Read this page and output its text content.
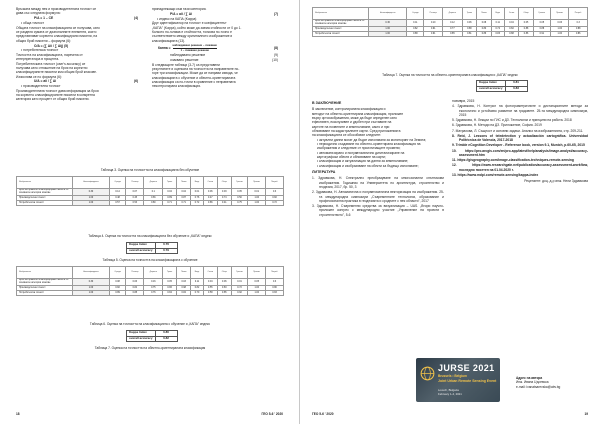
Връзката между нея и производителната точност се
дава със следната формула:
P/A = 1 – CE	(4)
• обща точност
Общата точност на класификацията се получава, като
се разделя сумата от диагоналните елементи, които
представляват коректно класифицирани пиксели, на
общия брой пиксели – формула (6):
O/A = (∑ Aii / ∑ Aij) (5)
• потребителска точност
Точността на класификацията, наречена от
интерпретатора в процента.
Потребителската точност (user's accuracy) се
получава като отношение на броя на коректно
класифицираните пиксели към общия брой класове.
Изчислява се по формула (6):
U/A = aii / ∑ Ai	(6)
• производителна точност
Производителната точност дава информация за броя
на коректно класифицираните пиксели в конкретна
категория като процент от общия брой пиксели.
принадлежащи към тази категория.
P/A = aii / ∑ Ai	(7)
• индекс на КАПА (Kappa)
Друг идентификатор на точност е коефициентът
„КАПА" (Kappa), който може да заема стойности от 0 до 1.
Колкото по-голяма е стойността, толкова по-точно е
съответствието между оригиналното изображение и
класификацията (13).
Каппа =
наблюдавано решение − очаквано
1 − очаквано решение
(8)
наблюдавано решение	(9)
очаквано решение	(10)
В следващите таблици (3-7) са представени
резултатите и оценката на точността на направените по-
горе три класификации. Може да се направи извода, че
класификацията с обучение и обектно-ориентираната
класификация са по-точни в сравнение с неправената
неконтролирана класификация.
Таблица 3. Оценка на точността на класификацията без обучение
Изображение	Неласифицирано	Сгради	Пътища	Дървета	Трева	Почва	Вода	Сенки	Общо	Грешка	Произв.	Потреб.
Брой на правилно класифицирани пиксели по основните категории класове	0.30	0.14	0.07	0.1	0.02	0.04	0.01	0.06	0.03	0.05	0.01	0.3
Производителна точност	1.00	0.48	0.45	0.66	0.89	0.87	0.76	0.47	0.74	0.50	1.00	0.82
Потребителска точност	1.00	0.57	0.53	0.80	0.71	0.71	0.72	0.86	0.41	0.75	1.00	0.72
Таблица 4. Оценка на точността на класификацията без обучение и „КАПА" индекс
Kappa Index	0.76
overall accuracy	0.79
Таблица 5. Оценка на точността на класификацията с обучение
Изображение	Неласифицирано	Сгради	Пътища	Дървета	Трева	Почва	Вода	Сенки	Общо	Грешка	Произв.	Потреб.
Брой на правилно класифицирани пиксели по основните категории класове	0.30	0.08	0.06	0.16	0.05	0.03	0.11	0.04	0.06	0.01	0.05	0.3
Производителна точност	1.00	0.82	0.84	0.75	0.86	0.98	0.82	0.55	0.83	0.72	1.00	0.80
Потребителска точност	1.00	0.89	0.88	0.76	0.84	0.84	0.70	0.58	0.85	0.92	1.00	0.83
Таблица 6. Оценка на точността на класификацията с обучение и „КАПА" индекс
Kappa Index	0.80
overall accuracy	0.82
Таблица 7. Оценка на точността на обектно-ориентираната класификация
18	ГЕО 5-6 ' 2020
Изображение	Неласифицирано	Сгради	Пътища	Дървета	Трева	Почва	Вода	Сенки	Общо	Грешка	Произв.	Потреб.
Брой на правилно класифицирани пиксели по основните категории класове	0.30	0.11	0.10	0.12	0.06	0.08	0.11	0.04	0.05	0.05	0.06	0.3
Производителна точност	1.00	0.82	0.91	0.77	0.88	0.80	0.74	0.82	0.88	0.88	1.00	0.88
Потребителска точност	1.00	0.88	0.91	0.85	0.81	0.86	0.83	0.88	0.86	0.91	1.00	0.86
Таблица 7. Оценка на точността на обектно-ориентираната класификация и „КАПА" индекс
Kappa Index	0.81
overall accuracy	0.83
В ЗАКЛЮЧЕНИЕ
В заключение, контролираната класификация и
методът на обектно-ориентирана класификация, приложен
върху ортоизображения, може да бъде определен като
ефективен, ексклузивен и удобен при съставяне на
картите на почвените и земеползване, както и при
обновяване на кадастралните карти. Сред приложенията
на класификацията се обособяват следните:
• актуални данни могат да бъдат използвани за мониторинг на Земята;
• периодично създаване на обектно-ориентирана класификация на
изображения и следствие от произтичащите промени;
• автоматизирано и полуавтоматично дигитализиране на
картографски обекти и обновяване на карти;
• класификация и актуализация на данни за земеползване;
• класификация и изобразяване на обекти за бъдещо използване;
ЛИТЕРАТУРА
1. Здравкова, Н. Спектрално преобразуване на многозонални спътникови изображения. Годишник на Университета по архитектура, строителство и геодезия, 2017, бр. 50, 3
2. Здравкова, Н. Автоматична и полуавтоматична векторизация на изображения. 25-та международна симпозиум „Съвременните технологии, образование и професионална практика в геодезията и сродните с нея области", 2017
3. Здравкова, Н. Съвременни средства за визуализация – UAS. „Втори научно-приложен конгрес с международно участие „Управление на проекти в строителството", 5-6
ноември, 2015
4. Здравкова, Н. Контрол на фотограметричните и дистанционните методи за екологично и устойчиво развитие на градовете. 25-та международна симпозиум, 2015
5. Здравкова, Н. Лекции по ГИС и ДЗ. Технологии и принципи на работа. 2018
6. Здравкова, Н. Методи на ДЗ. Приложение, София. 2019
7. Матрахова, Л. Същност и основни задачи. Анализ на изображенията, стр. 209-211.
8. Reid, J. Lessons of teledetection y actualización cartográfica. Universidad Politécnica de Valencia, 2017-2018
9. Trimble eCognition Developer - Reference book, version 9.1, Munich, p.60-65, 2015
10. https://pro.arcgis.com/en/pro-app/latest/help/analysis/image-analyst/accuracy-assessment.htm
11. https://gisgeography.com/image-classification-techniques-remote-sensing
12. https://www.researchgate.net/publication/accuracy-assessment-workflow, последно посетен на 01.04.2020 г.
13. https://www.mdpi.com/remote-sensing/kappa-index
Рецензент: доц. д-р инж. Нели Здравкова
JURSE 2021
Brussels • Belgium
Joint Urban Remote Sensing Event
Lovech, Bulgaria
February 1-4, 2021
Адрес на автора
Инж. Ивана Църевска
e-mail: ivanatsarevska@abv.bg
ГЕО 5-6 ' 2020	19
